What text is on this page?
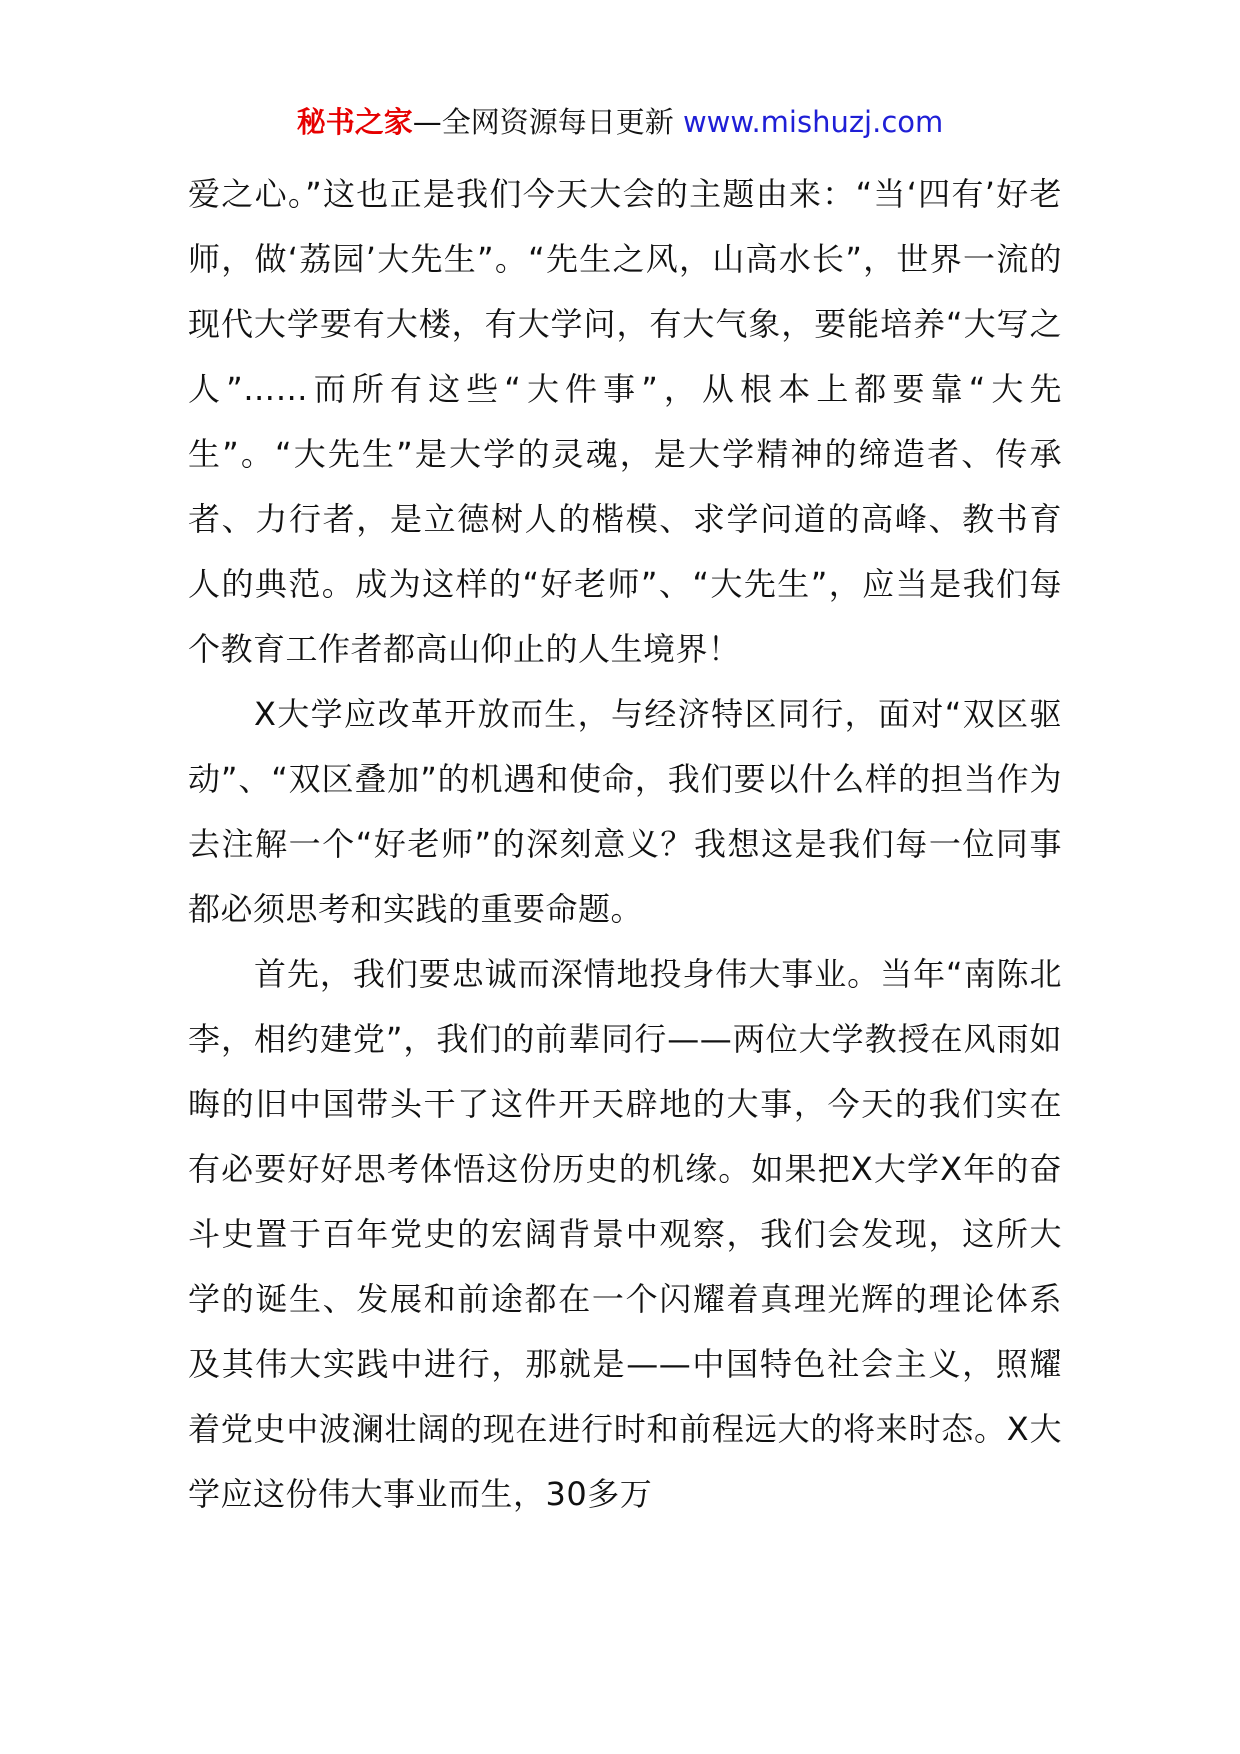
秘书之家—全网资源每日更新 www.mishuzj.com

爱之心。”这也正是我们今天大会的主题由来：“当‘四有’好老师，做‘荔园’大先生”。“先生之风，山高水长”，世界一流的现代大学要有大楼，有大学问，有大气象，要能培养“大写之人”……而所有这些“大件事”，从根本上都要靠“大先生”。“大先生”是大学的灵魂，是大学精神的缔造者、传承者、力行者，是立德树人的楷模、求学问道的高峰、教书育人的典范。成为这样的“好老师”、“大先生”，应当是我们每个教育工作者都高山仰止的人生境界！

X大学应改革开放而生，与经济特区同行，面对“双区驱动”、“双区叠加”的机遇和使命，我们要以什么样的担当作为去注解一个“好老师”的深刻意义？我想这是我们每一位同事都必须思考和实践的重要命题。

首先，我们要忠诚而深情地投身伟大事业。当年“南陈北李，相约建党”，我们的前辈同行——两位大学教授在风雨如晦的旧中国带头干了这件开天辟地的大事，今天的我们实在有必要好好思考体悟这份历史的机缘。如果把X大学X年的奋斗史置于百年党史的宏阔背景中观察，我们会发现，这所大学的诞生、发展和前途都在一个闪耀着真理光辉的理论体系及其伟大实践中进行，那就是——中国特色社会主义，照耀着党史中波澜壮阔的现在进行时和前程远大的将来时态。X大学应这份伟大事业而生，30多万
